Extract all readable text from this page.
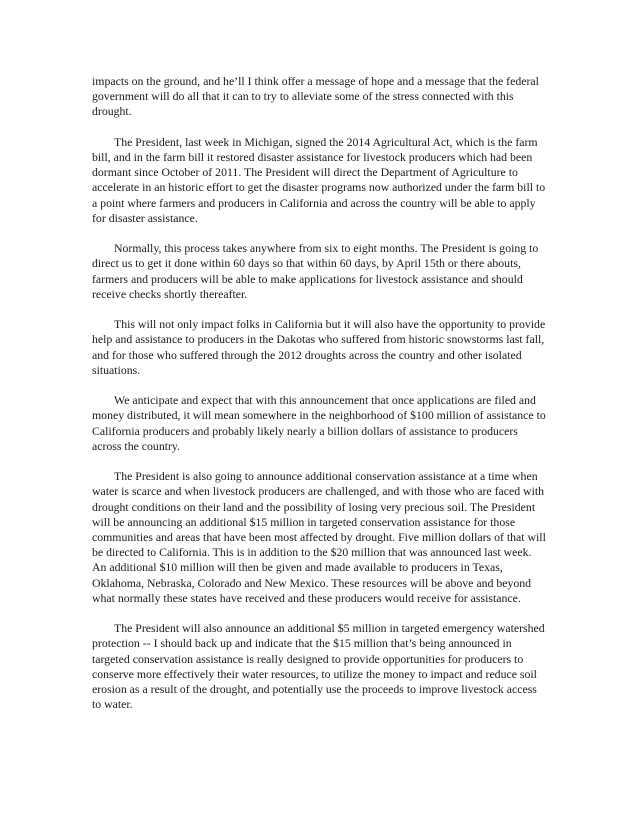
impacts on the ground, and he’ll I think offer a message of hope and a message that the federal government will do all that it can to try to alleviate some of the stress connected with this drought.

The President, last week in Michigan, signed the 2014 Agricultural Act, which is the farm bill, and in the farm bill it restored disaster assistance for livestock producers which had been dormant since October of 2011. The President will direct the Department of Agriculture to accelerate in an historic effort to get the disaster programs now authorized under the farm bill to a point where farmers and producers in California and across the country will be able to apply for disaster assistance.

Normally, this process takes anywhere from six to eight months. The President is going to direct us to get it done within 60 days so that within 60 days, by April 15th or there abouts, farmers and producers will be able to make applications for livestock assistance and should receive checks shortly thereafter.

This will not only impact folks in California but it will also have the opportunity to provide help and assistance to producers in the Dakotas who suffered from historic snowstorms last fall, and for those who suffered through the 2012 droughts across the country and other isolated situations.

We anticipate and expect that with this announcement that once applications are filed and money distributed, it will mean somewhere in the neighborhood of $100 million of assistance to California producers and probably likely nearly a billion dollars of assistance to producers across the country.

The President is also going to announce additional conservation assistance at a time when water is scarce and when livestock producers are challenged, and with those who are faced with drought conditions on their land and the possibility of losing very precious soil. The President will be announcing an additional $15 million in targeted conservation assistance for those communities and areas that have been most affected by drought. Five million dollars of that will be directed to California. This is in addition to the $20 million that was announced last week. An additional $10 million will then be given and made available to producers in Texas, Oklahoma, Nebraska, Colorado and New Mexico. These resources will be above and beyond what normally these states have received and these producers would receive for assistance.

The President will also announce an additional $5 million in targeted emergency watershed protection -- I should back up and indicate that the $15 million that’s being announced in targeted conservation assistance is really designed to provide opportunities for producers to conserve more effectively their water resources, to utilize the money to impact and reduce soil erosion as a result of the drought, and potentially use the proceeds to improve livestock access to water.
